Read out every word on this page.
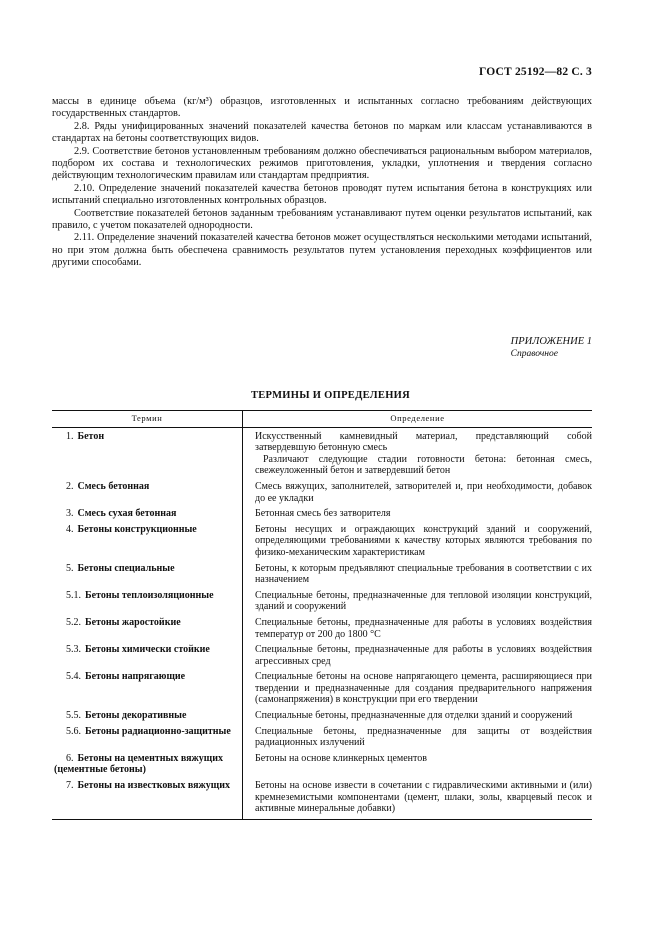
ГОСТ 25192—82 С. 3

массы в единице объема (кг/м³) образцов, изготовленных и испытанных согласно требованиям действующих государственных стандартов.

2.8. Ряды унифицированных значений показателей качества бетонов по маркам или классам устанавливаются в стандартах на бетоны соответствующих видов.

2.9. Соответствие бетонов установленным требованиям должно обеспечиваться рациональным выбором материалов, подбором их состава и технологических режимов приготовления, укладки, уплотнения и твердения согласно действующим технологическим правилам или стандартам предприятия.

2.10. Определение значений показателей качества бетонов проводят путем испытания бетона в конструкциях или испытаний специально изготовленных контрольных образцов.

Соответствие показателей бетонов заданным требованиям устанавливают путем оценки результатов испытаний, как правило, с учетом показателей однородности.

2.11. Определение значений показателей качества бетонов может осуществляться несколькими методами испытаний, но при этом должна быть обеспечена сравнимость результатов путем установления переходных коэффициентов или другими способами.

ПРИЛОЖЕНИЕ 1
Справочное
ТЕРМИНЫ И ОПРЕДЕЛЕНИЯ
Термин	Определение
1. Бетон	Искусственный камневидный материал, представляющий собой затвердевшую бетонную смесь
Различают следующие стадии готовности бетона: бетонная смесь, свежеуложенный бетон и затвердевший бетон

2. Смесь бетонная	Смесь вяжущих, заполнителей, затворителей и, при необходимости, добавок до ее укладки
3. Смесь сухая бетонная	Бетонная смесь без затворителя
4. Бетоны конструкционные	Бетоны несущих и ограждающих конструкций зданий и сооружений, определяющими требованиями к качеству которых являются требования по физико-механическим характеристикам
5. Бетоны специальные	Бетоны, к которым предъявляют специальные требования в соответствии с их назначением
5.1. Бетоны теплоизоляционные	Специальные бетоны, предназначенные для тепловой изоляции конструкций, зданий и сооружений
5.2. Бетоны жаростойкие	Специальные бетоны, предназначенные для работы в условиях воздействия температур от 200 до 1800 °С
5.3. Бетоны химически стойкие	Специальные бетоны, предназначенные для работы в условиях воздействия агрессивных сред
5.4. Бетоны напрягающие	Специальные бетоны на основе напрягающего цемента, расширяющиеся при твердении и предназначенные для создания предварительного напряжения (самонапряжения) в конструкции при его твердении
5.5. Бетоны декоративные	Специальные бетоны, предназначенные для отделки зданий и сооружений
5.6. Бетоны радиационно-защитные	Специальные бетоны, предназначенные для защиты от воздействия радиационных излучений
6. Бетоны на цементных вяжущих (цементные бетоны)	Бетоны на основе клинкерных цементов
7. Бетоны на известковых вяжущих	Бетоны на основе извести в сочетании с гидравлическими активными и (или) кремнеземистыми компонентами (цемент, шлаки, золы, кварцевый песок и активные минеральные добавки)
